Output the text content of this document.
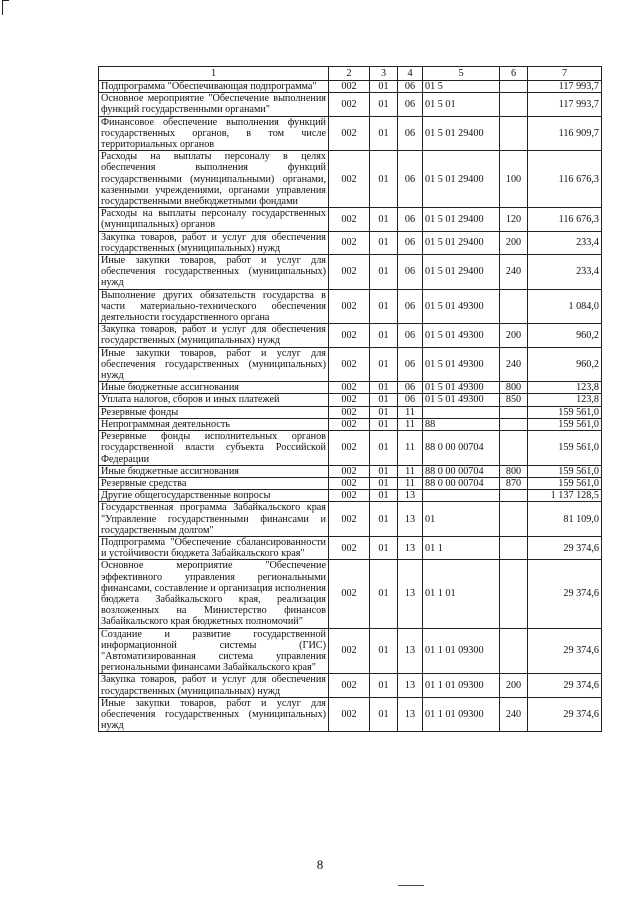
1	2	3	4	5	6	7
Подпрограмма "Обеспечивающая подпрограмма"	002	01	06	01 5		117 993,7
Основное мероприятие "Обеспечение выполнения функций государственными органами"	002	01	06	01 5 01		117 993,7
Финансовое обеспечение выполнения функций государственных органов, в том числе территориальных органов	002	01	06	01 5 01 29400		116 909,7
Расходы на выплаты персоналу в целях обеспечения выполнения функций государственными (муниципальными) органами, казенными учреждениями, органами управления государственными внебюджетными фондами	002	01	06	01 5 01 29400	100	116 676,3
Расходы на выплаты персоналу государственных (муниципальных) органов	002	01	06	01 5 01 29400	120	116 676,3
Закупка товаров, работ и услуг для обеспечения государственных (муниципальных) нужд	002	01	06	01 5 01 29400	200	233,4
Иные закупки товаров, работ и услуг для обеспечения государственных (муниципальных) нужд	002	01	06	01 5 01 29400	240	233,4
Выполнение других обязательств государства в части материально-технического обеспечения деятельности государственного органа	002	01	06	01 5 01 49300		1 084,0
Закупка товаров, работ и услуг для обеспечения государственных (муниципальных) нужд	002	01	06	01 5 01 49300	200	960,2
Иные закупки товаров, работ и услуг для обеспечения государственных (муниципальных) нужд	002	01	06	01 5 01 49300	240	960,2
Иные бюджетные ассигнования	002	01	06	01 5 01 49300	800	123,8
Уплата налогов, сборов и иных платежей	002	01	06	01 5 01 49300	850	123,8
Резервные фонды	002	01	11			159 561,0
Непрограммная деятельность	002	01	11	88		159 561,0
Резервные фонды исполнительных органов государственной власти субъекта Российской Федерации	002	01	11	88 0 00 00704		159 561,0
Иные бюджетные ассигнования	002	01	11	88 0 00 00704	800	159 561,0
Резервные средства	002	01	11	88 0 00 00704	870	159 561,0
Другие общегосударственные вопросы	002	01	13			1 137 128,5
Государственная программа Забайкальского края "Управление государственными финансами и государственным долгом"	002	01	13	01		81 109,0
Подпрограмма "Обеспечение сбалансированности и устойчивости бюджета Забайкальского края"	002	01	13	01 1		29 374,6
Основное мероприятие "Обеспечение эффективного управления региональными финансами, составление и организация исполнения бюджета Забайкальского края, реализация возложенных на Министерство финансов Забайкальского края бюджетных полномочий"	002	01	13	01 1 01		29 374,6
Создание и развитие государственной информационной системы (ГИС) "Автоматизированная система управления региональными финансами Забайкальского края"	002	01	13	01 1 01 09300		29 374,6
Закупка товаров, работ и услуг для обеспечения государственных (муниципальных) нужд	002	01	13	01 1 01 09300	200	29 374,6
Иные закупки товаров, работ и услуг для обеспечения государственных (муниципальных) нужд	002	01	13	01 1 01 09300	240	29 374,6
8
